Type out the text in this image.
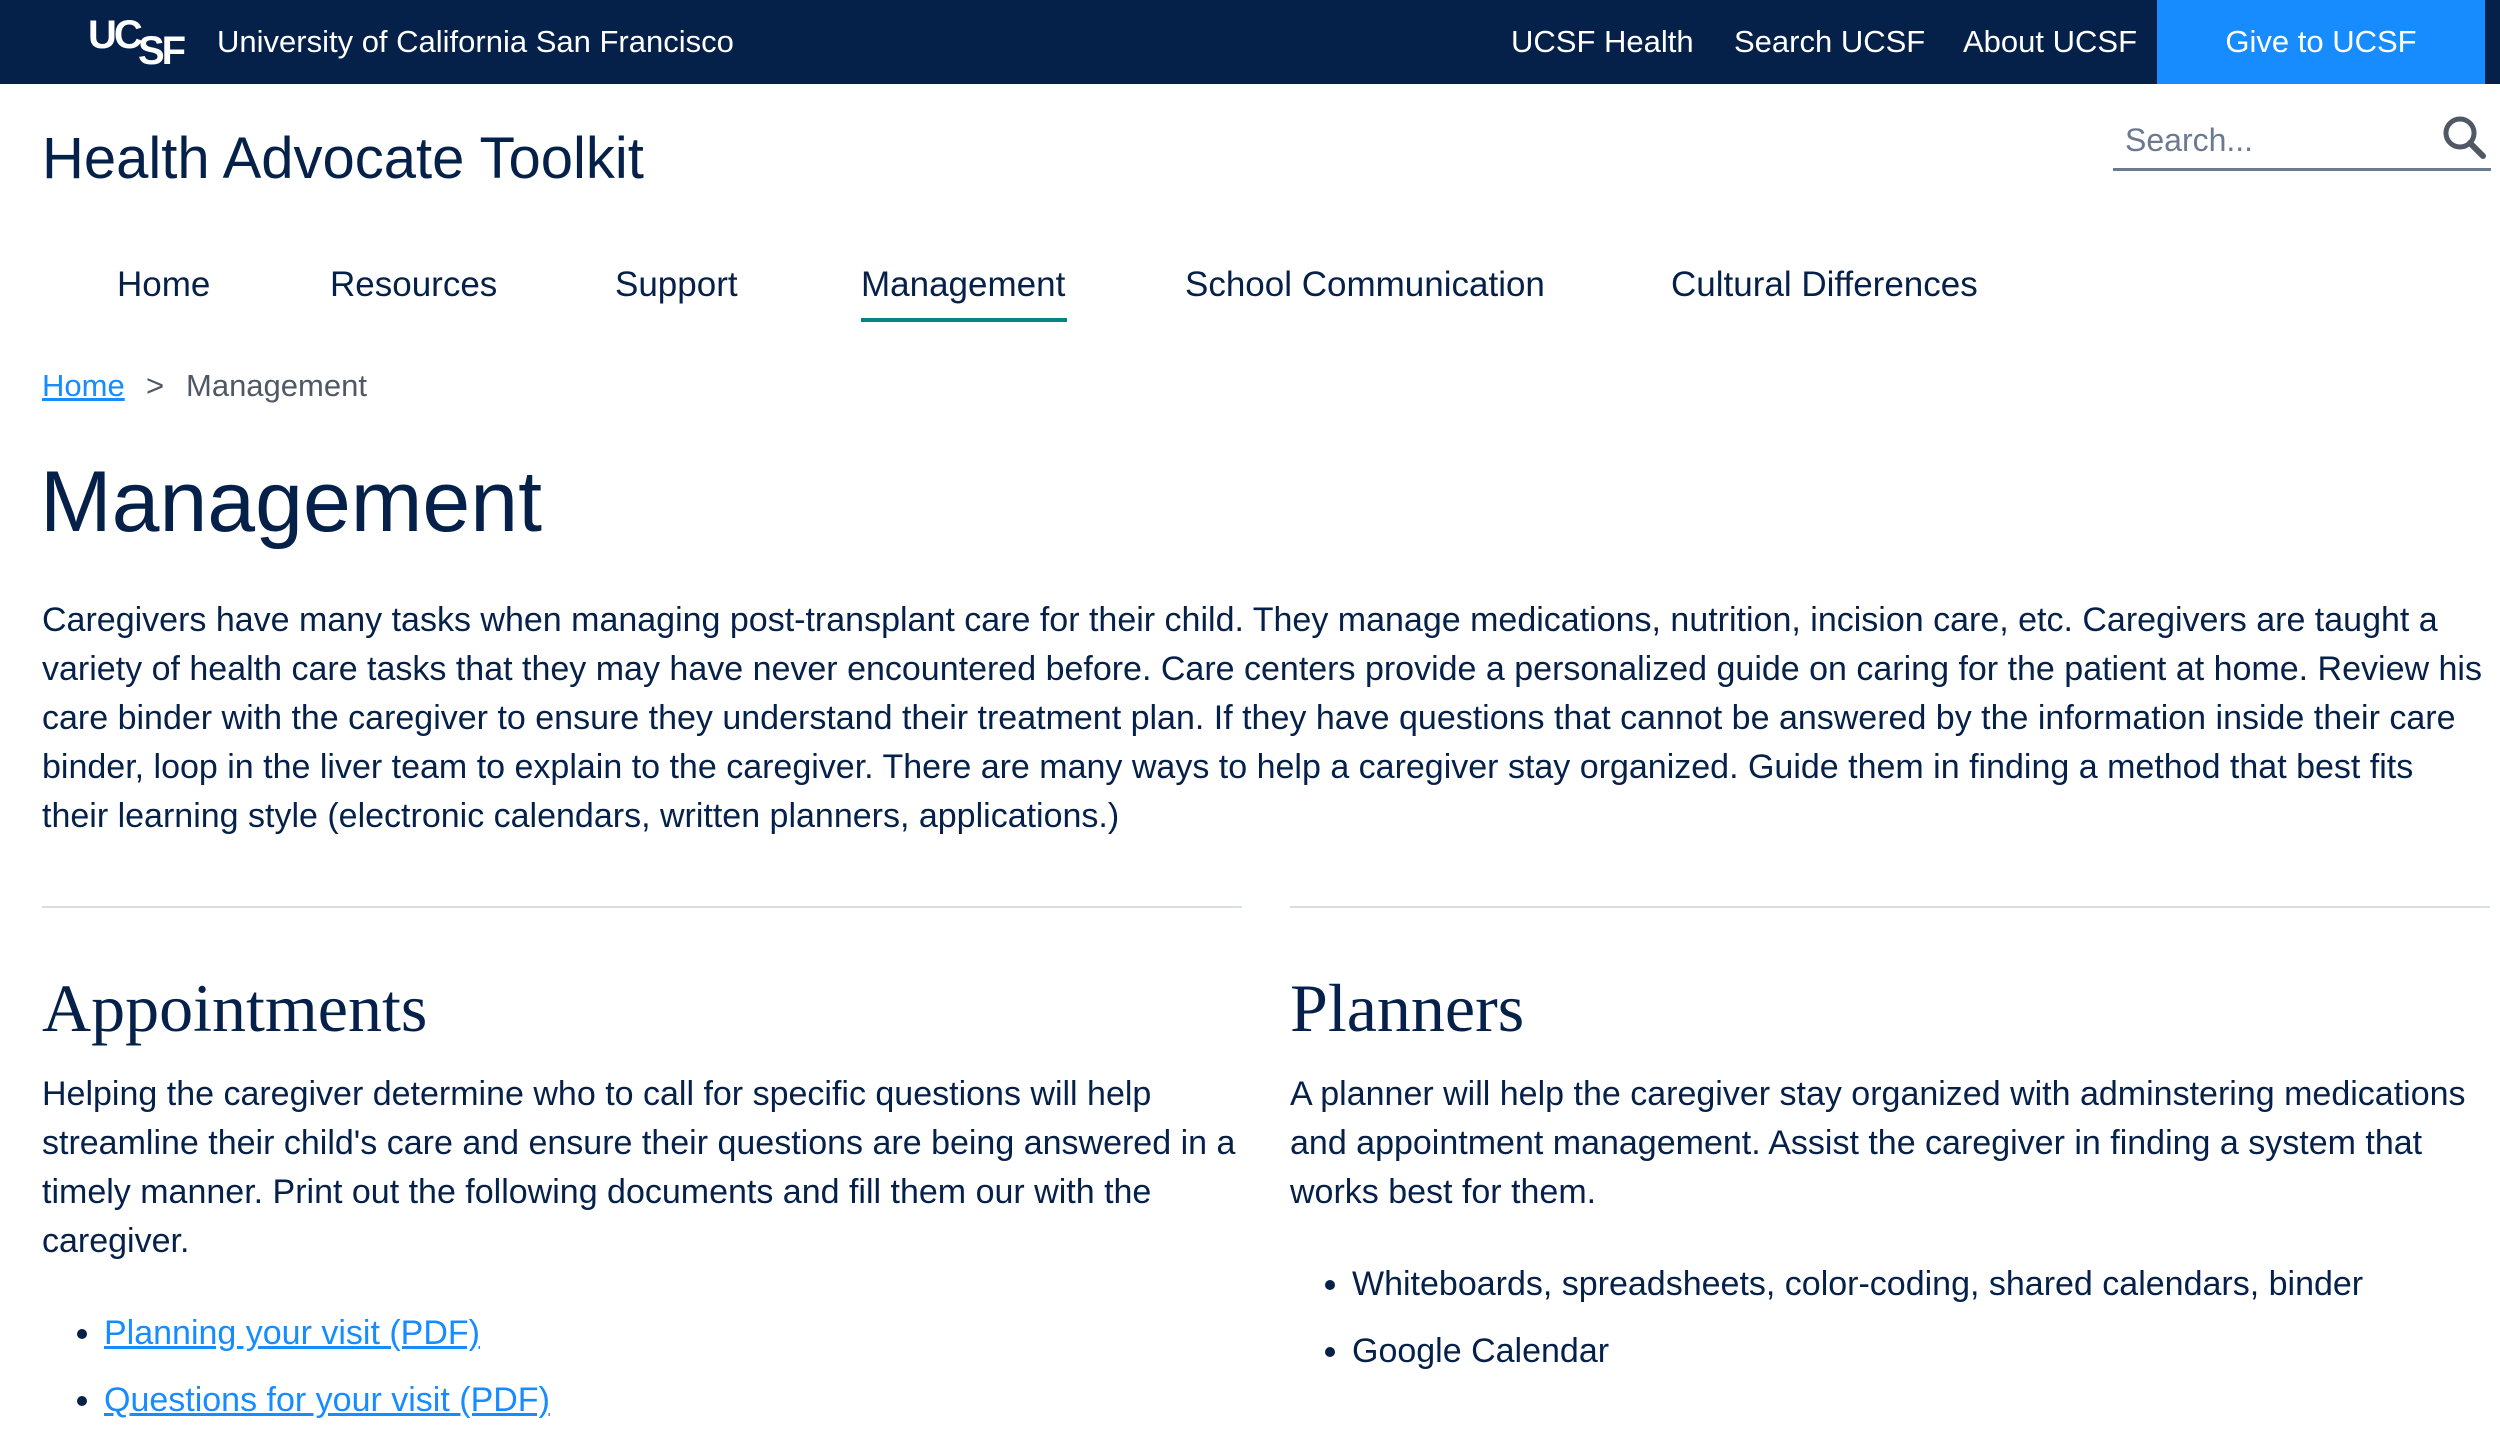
UC
SF University of California San Francisco	UCSF Health Search UCSF About UCSF	Give to UCSF
Health Advocate Toolkit
Search...
Home	Resources	Support	Management	School Communication	Cultural Differences
Home > Management
Management

Caregivers have many tasks when managing post-transplant care for their child. They manage medications, nutrition, incision care, etc. Caregivers are taught a variety of health care tasks that they may have never encountered before. Care centers provide a personalized guide on caring for the patient at home. Review his care binder with the caregiver to ensure they understand their treatment plan. If they have questions that cannot be answered by the information inside their care binder, loop in the liver team to explain to the caregiver. There are many ways to help a caregiver stay organized. Guide them in finding a method that best fits their learning style (electronic calendars, written planners, applications.)

Appointments

Helping the caregiver determine who to call for specific questions will help streamline their child's care and ensure their questions are being answered in a timely manner. Print out the following documents and fill them our with the caregiver.

• Planning your visit (PDF)
• Questions for your visit (PDF)
Planners

A planner will help the caregiver stay organized with adminstering medications and appointment management. Assist the caregiver in finding a system that works best for them.

• Whiteboards, spreadsheets, color-coding, shared calendars, binder
• Google Calendar
